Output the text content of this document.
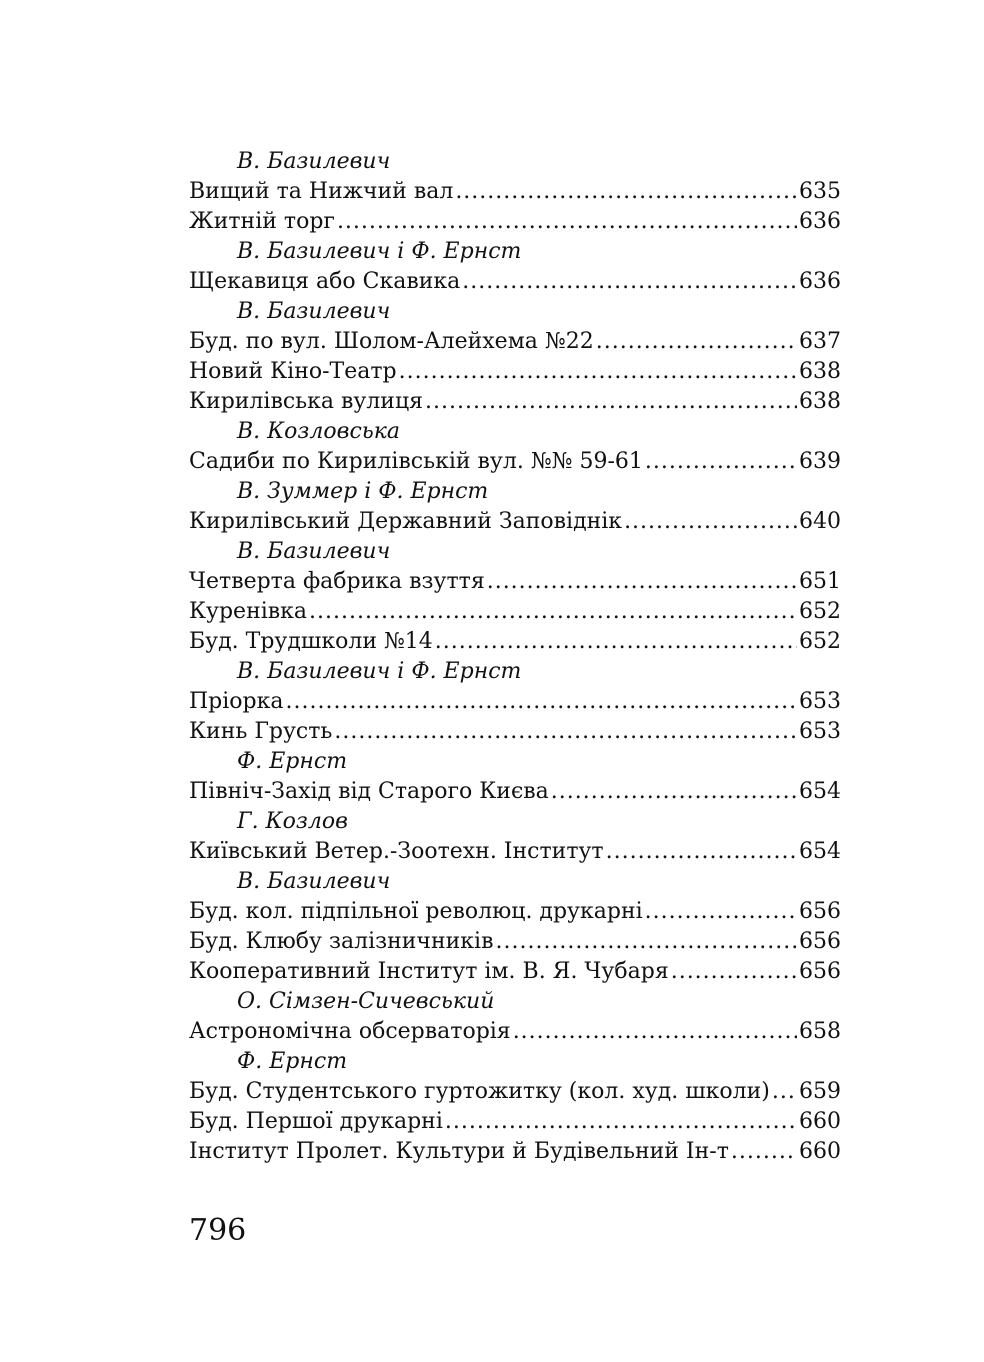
В. Базилевич
Вищий та Нижчий вал .....	635
Житній торг .....	636
В. Базилевич і Ф. Ернст
Щекавиця або Скавика .....	636
В. Базилевич
Буд. по вул. Шолом-Алейхема №22 .....	637
Новий Кіно-Театр .....	638
Кирилівська вулиця .....	638
В. Козловська
Садиби по Кирилівській вул. №№ 59-61 .....	639
В. Зуммер і Ф. Ернст
Кирилівський Державний Заповіднік .....	640
В. Базилевич
Четверта фабрика взуття .....	651
Куренівка .....	652
Буд. Трудшколи №14 .....	652
В. Базилевич і Ф. Ернст
Пріорка .....	653
Кинь Грусть .....	653
Ф. Ернст
Північ-Захід від Старого Києва .....	654
Г. Козлов
Київський Ветер.-Зоотехн. Інститут .....	654
В. Базилевич
Буд. кол. підпільної революц. друкарні .....	656
Буд. Клюбу залізничників .....	656
Кооперативний Інститут ім. В. Я. Чубаря .....	656
О. Сімзен-Сичевський
Астрономічна обсерваторія .....	658
Ф. Ернст
Буд. Студентського гуртожитку (кол. худ. школи) ..... 659
Буд. Першої друкарні .....	660
Інститут Пролет. Культури й Будівельний Ін-т .....	660
796
